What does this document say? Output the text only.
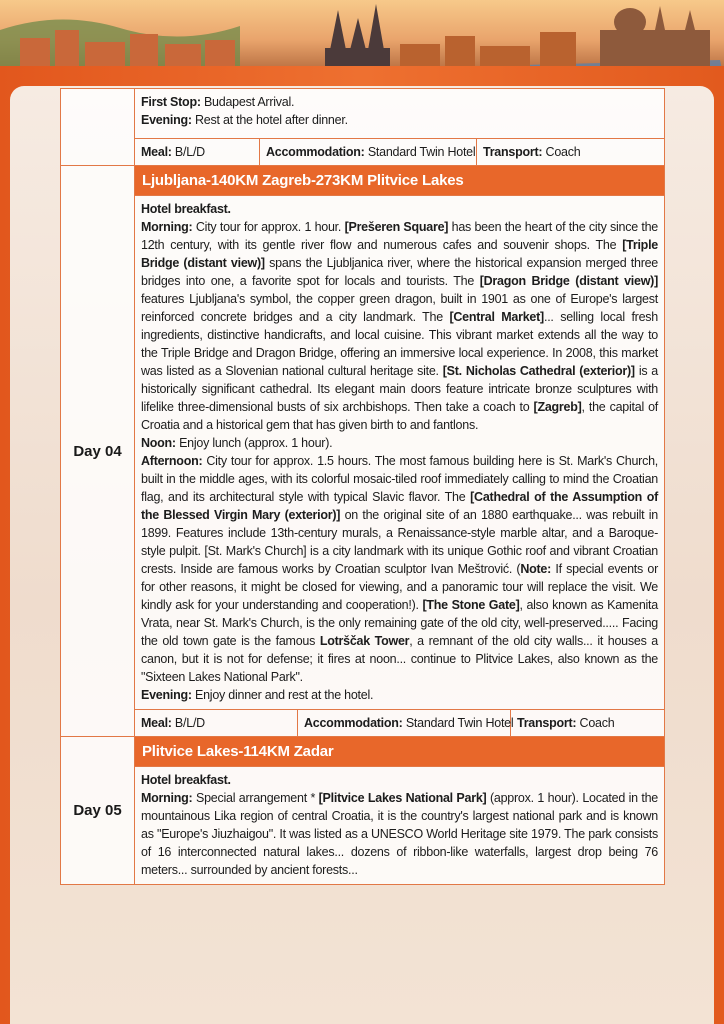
	First Stop: Budapest Arrival.
Evening: Rest at the hotel after dinner.

	Meal: B/L/D Accommodation: Standard Twin Hotel Transport: Coach

Day 04	Ljubljana-140KM Zagreb-273KM Plitvice Lakes

	Hotel breakfast.
Morning: City tour for approx. 1 hour. [Prešeren Square] has been the heart of the city since the 12th century, with its gentle river flow and numerous cafes and souvenir shops. The [Triple Bridge (distant view)] spans the Ljubljanica river, where the historical expansion merged three bridges into one, a favorite spot for locals and tourists. The [Dragon Bridge (distant view)] features Ljubljana's symbol, the copper green dragon, built in 1901 as one of Europe's largest reinforced concrete bridges and a city landmark. The [Central Market]... selling local fresh ingredients, distinctive handicrafts, and local cuisine. This vibrant market extends all the way to the Triple Bridge and Dragon Bridge, offering an immersive local experience. In 2008, this market was listed as a Slovenian national cultural heritage site. [St. Nicholas Cathedral (exterior)] is a historically significant cathedral. Its elegant main doors feature intricate bronze sculptures with lifelike three-dimensional busts of six archbishops. Then take a coach to [Zagreb], the capital of Croatia and a historical gem that has given birth to and fantlons.
Noon: Enjoy lunch (approx. 1 hour).
Afternoon: City tour for approx. 1.5 hours. The most famous building here is St. Mark's Church, built in the middle ages, with its colorful mosaic-tiled roof immediately calling to mind the Croatian flag, and its architectural style with typical Slavic flavor. The [Cathedral of the Assumption of the Blessed Virgin Mary (exterior)] on the original site of an 1880 earthquake... was rebuilt in 1899. Features include 13th-century murals, a Renaissance-style marble altar, and a Baroque-style pulpit. [St. Mark's Church] is a city landmark with its unique Gothic roof and vibrant Croatian crests. Inside are famous works by Croatian sculptor Ivan Meštrović. (Note: If special events or for other reasons, it might be closed for viewing, and a panoramic tour will replace the visit. We kindly ask for your understanding and cooperation!). [The Stone Gate], also known as Kamenita Vrata, near St. Mark's Church, is the only remaining gate of the old city, well-preserved..... Facing the old town gate is the famous Lotrščak Tower, a remnant of the old city walls... it houses a canon, but it is not for defense; it fires at noon... continue to Plitvice Lakes, also known as the "Sixteen Lakes National Park".
Evening: Enjoy dinner and rest at the hotel.

	Meal: B/L/D Accommodation: Standard Twin Hotel Transport: Coach

Day 05	Plitvice Lakes-114KM Zadar

	Hotel breakfast.
Morning: Special arrangement * [Plitvice Lakes National Park] (approx. 1 hour). Located in the mountainous Lika region of central Croatia, it is the country's largest national park and is known as "Europe's Jiuzhaigou". It was listed as a UNESCO World Heritage site 1979. The park consists of 16 interconnected natural lakes... dozens of ribbon-like waterfalls, largest drop being 76 meters... surrounded by ancient forests...
